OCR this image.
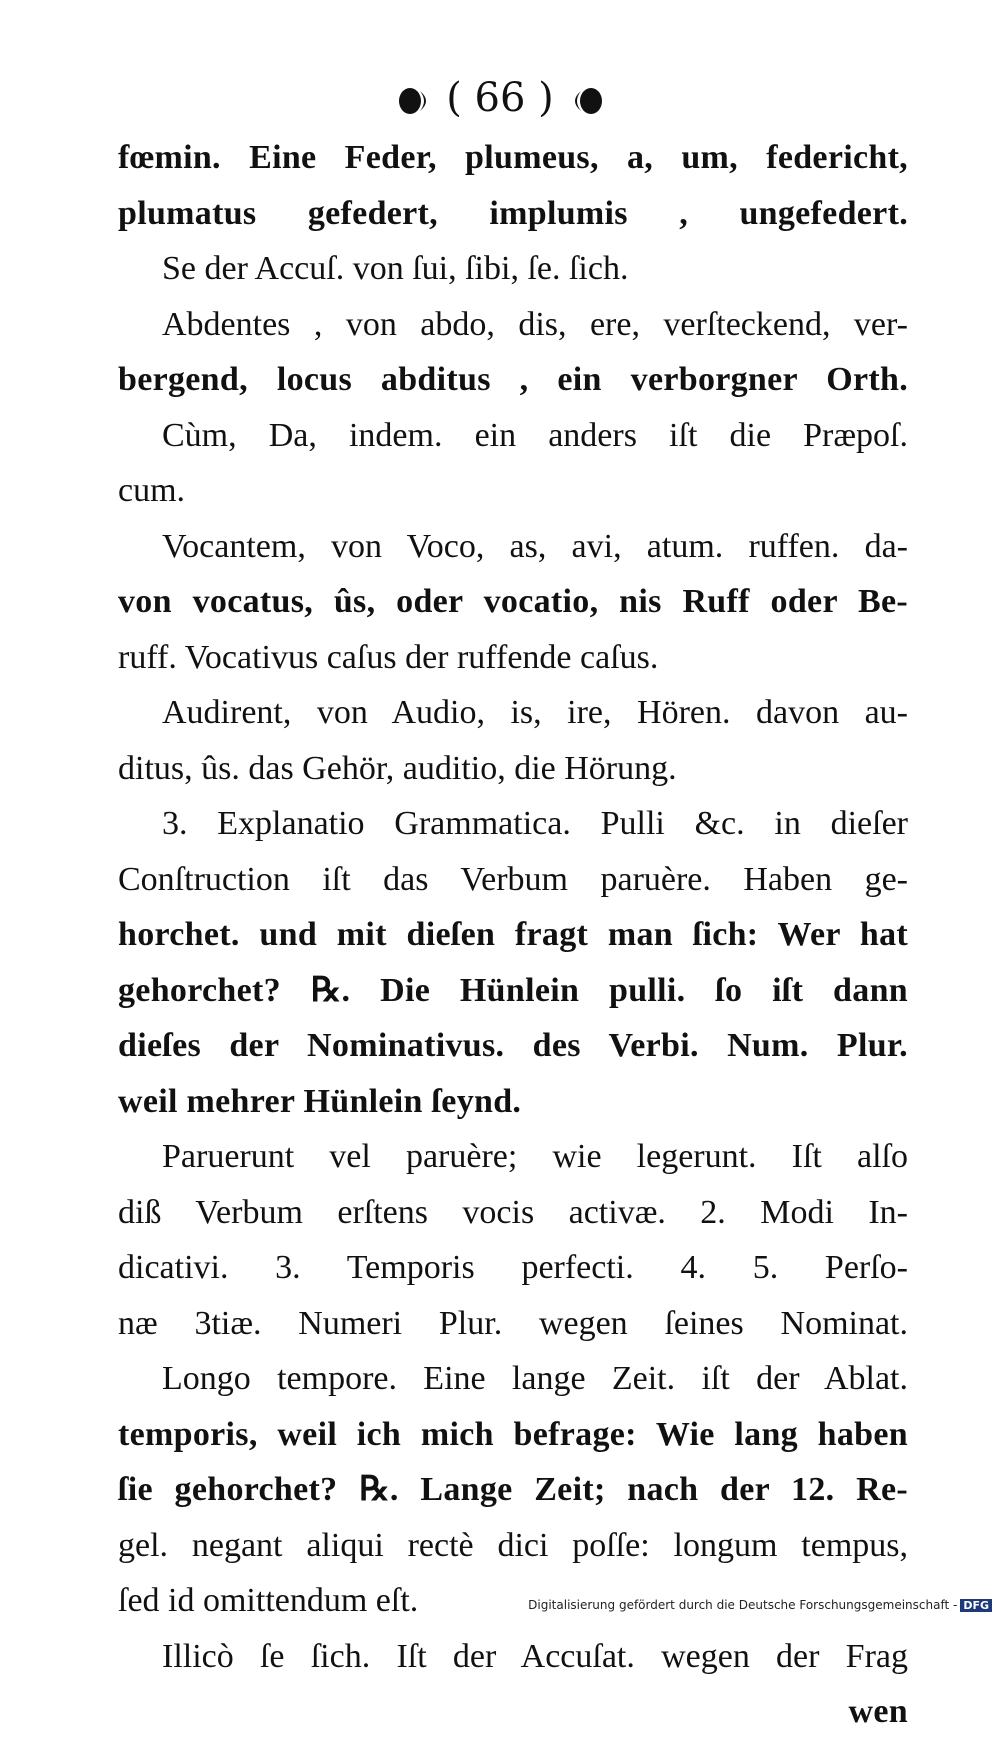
( 66 )
fœmin. Eine Feder, plumeus, a, um, federicht,
plumatus gefedert, implumis , ungefedert.
Se der Accuſ. von ſui, ſibi, ſe. ſich.
Abdentes , von abdo, dis, ere, verſteckend, ver-
bergend, locus abditus , ein verborgner Orth.
Cùm, Da, indem. ein anders iſt die Præpoſ.
cum.
Vocantem, von Voco, as, avi, atum. ruffen. da-
von vocatus, ûs, oder vocatio, nis Ruff oder Be-
ruff. Vocativus caſus der ruffende caſus.
Audirent, von Audio, is, ire, Hören. davon au-
ditus, ûs. das Gehör, auditio, die Hörung.
3. Explanatio Grammatica. Pulli &c. in dieſer
Conſtruction iſt das Verbum paruère. Haben ge-
horchet. und mit dieſen fragt man ſich: Wer hat
gehorchet? ℞. Die Hünlein pulli. ſo iſt dann
dieſes der Nominativus. des Verbi. Num. Plur.
weil mehrer Hünlein ſeynd.
Paruerunt vel paruère; wie legerunt. Iſt alſo
diß Verbum erſtens vocis activæ. 2. Modi In-
dicativi. 3. Temporis perfecti. 4. 5. Perſo-
næ 3tiæ. Numeri Plur. wegen ſeines Nominat.
Longo tempore. Eine lange Zeit. iſt der Ablat.
temporis, weil ich mich befrage: Wie lang haben
ſie gehorchet? ℞. Lange Zeit; nach der 12. Re-
gel. negant aliqui rectè dici poſſe: longum tempus,
ſed id omittendum eſt.
Illicò ſe ſich. Iſt der Accuſat. wegen der Frag
wen
Digitalisierung gefördert durch die Deutsche Forschungsgemeinschaft - DFG
